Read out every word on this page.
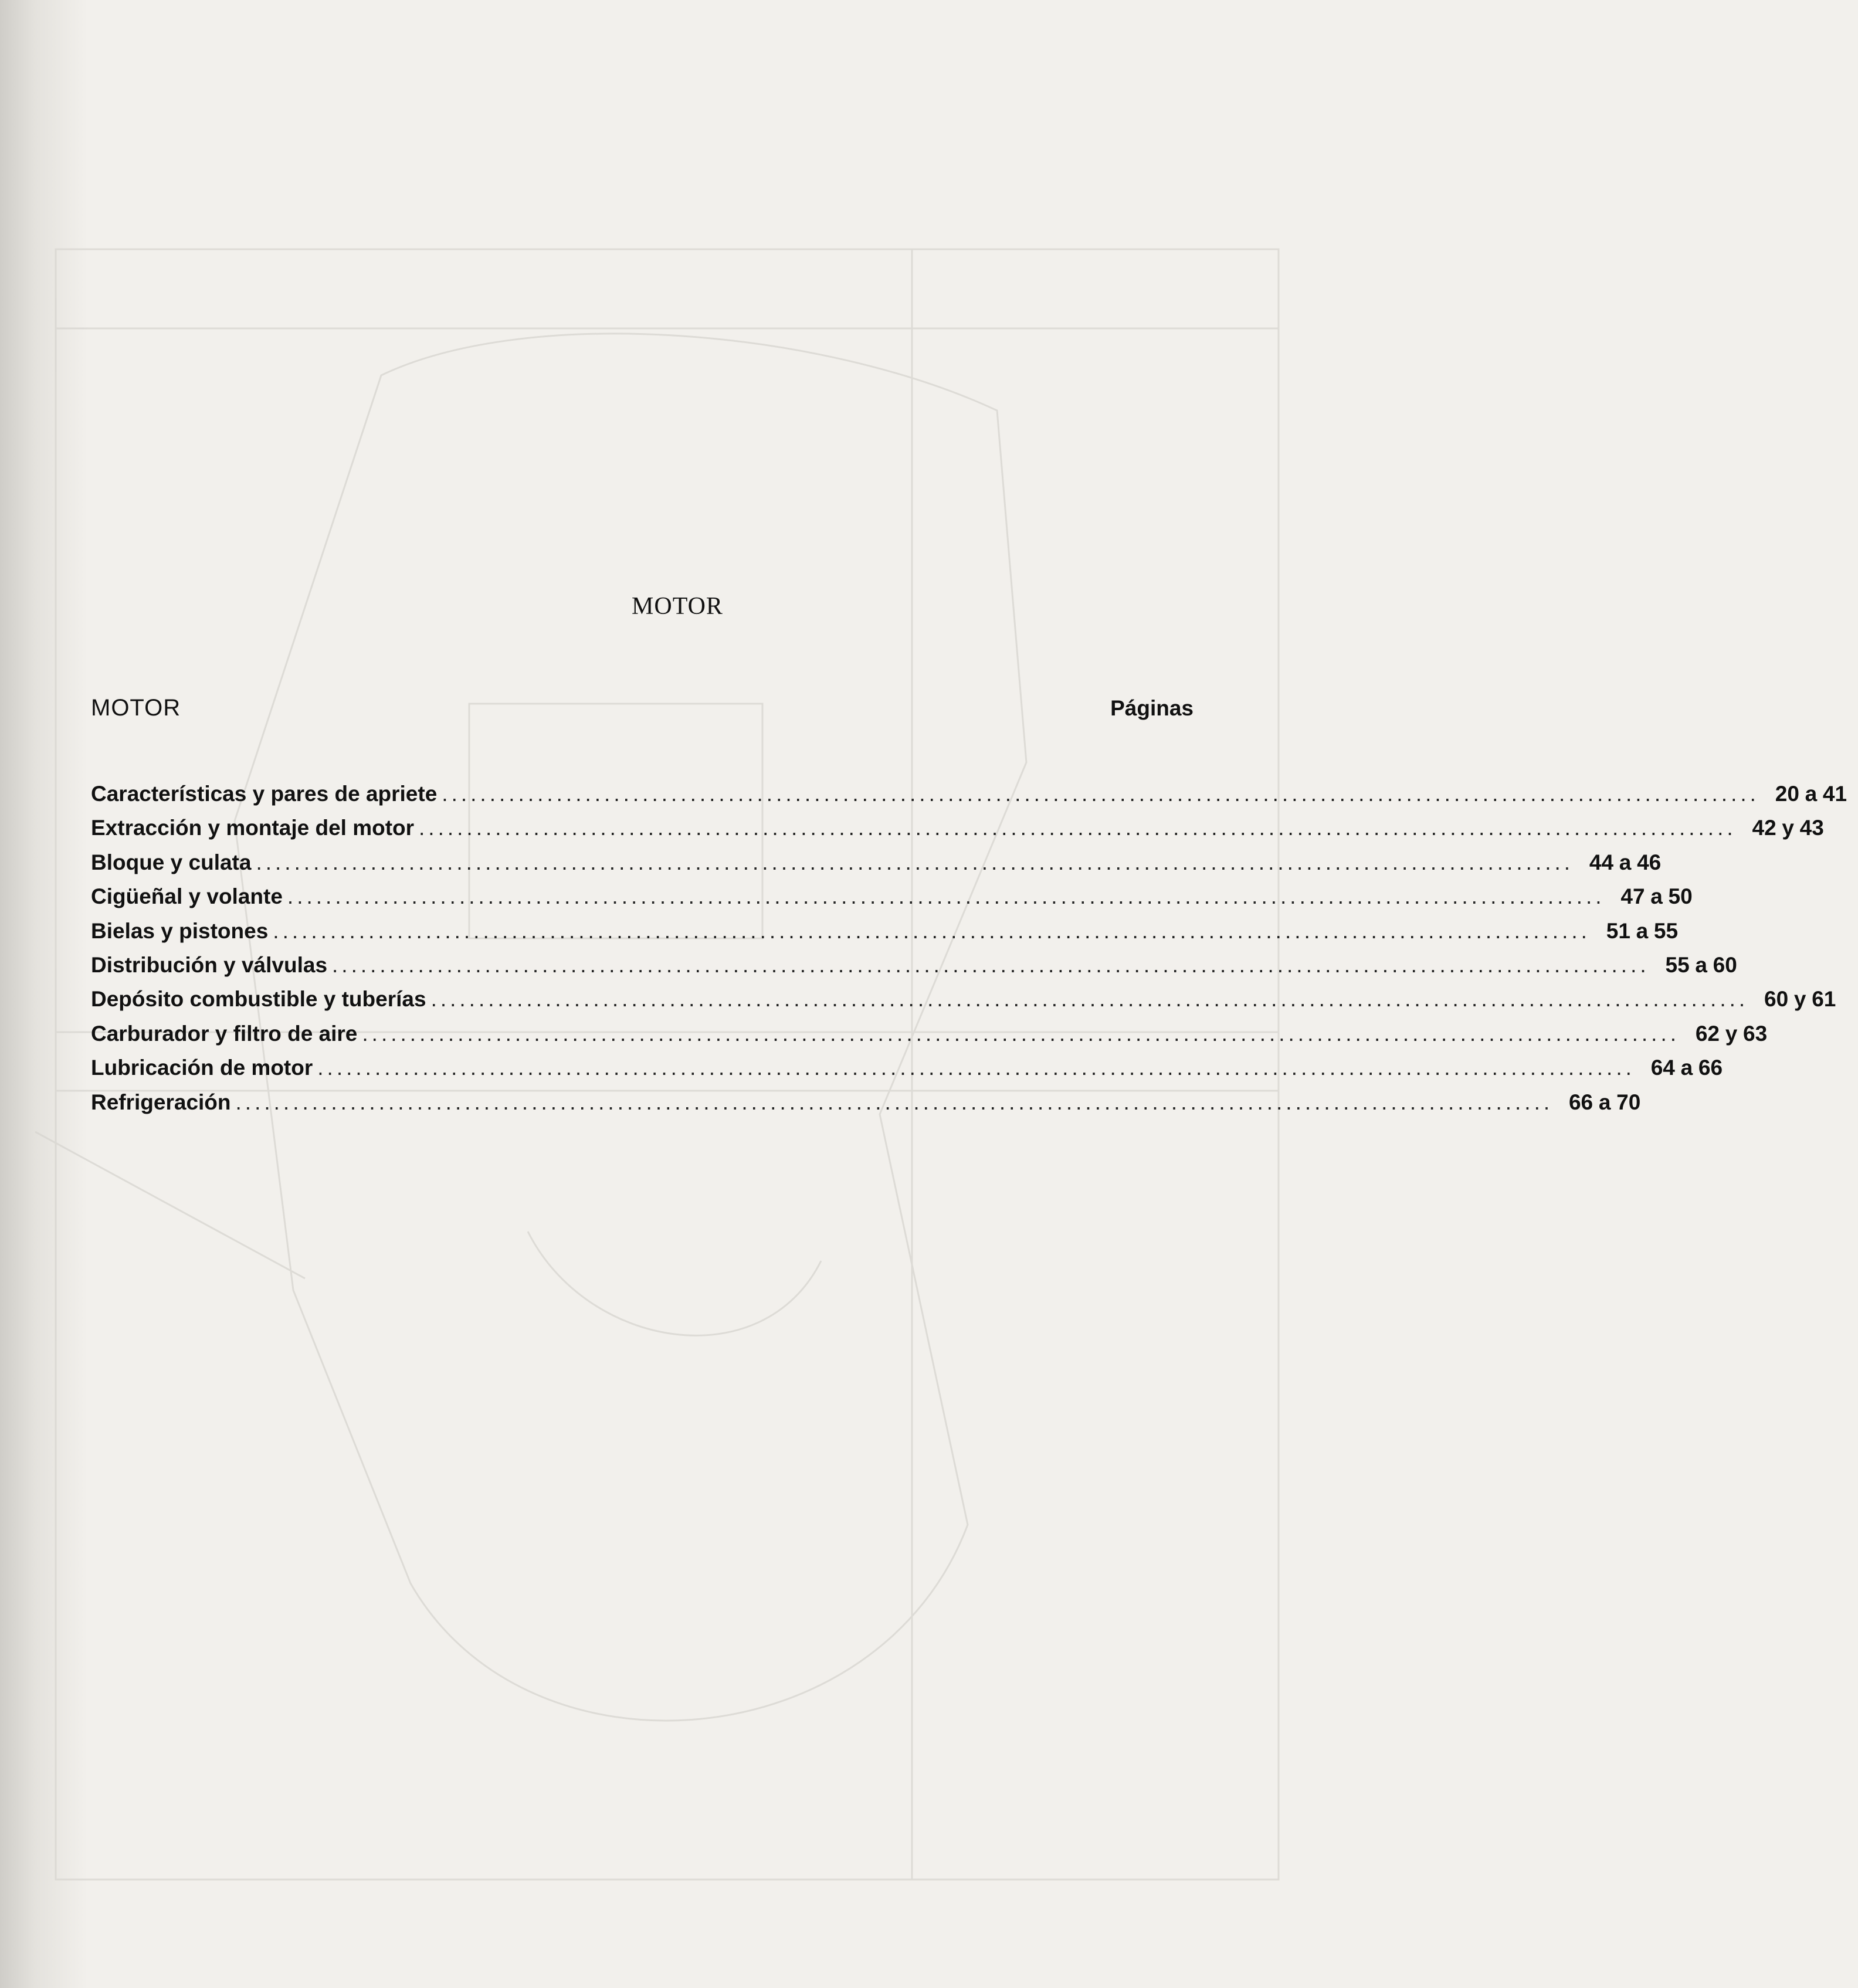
MOTOR
MOTOR	Páginas
Características y pares de apriete .......................................................................................................................................... 20 a 41
Extracción y montaje del motor .......................................................................................................................................... 42 y 43
Bloque y culata .......................................................................................................................................... 44 a 46
Cigüeñal y volante .......................................................................................................................................... 47 a 50
Bielas y pistones .......................................................................................................................................... 51 a 55
Distribución y válvulas .......................................................................................................................................... 55 a 60
Depósito combustible y tuberías .......................................................................................................................................... 60 y 61
Carburador y filtro de aire .......................................................................................................................................... 62 y 63
Lubricación de motor .......................................................................................................................................... 64 a 66
Refrigeración .......................................................................................................................................... 66 a 70
